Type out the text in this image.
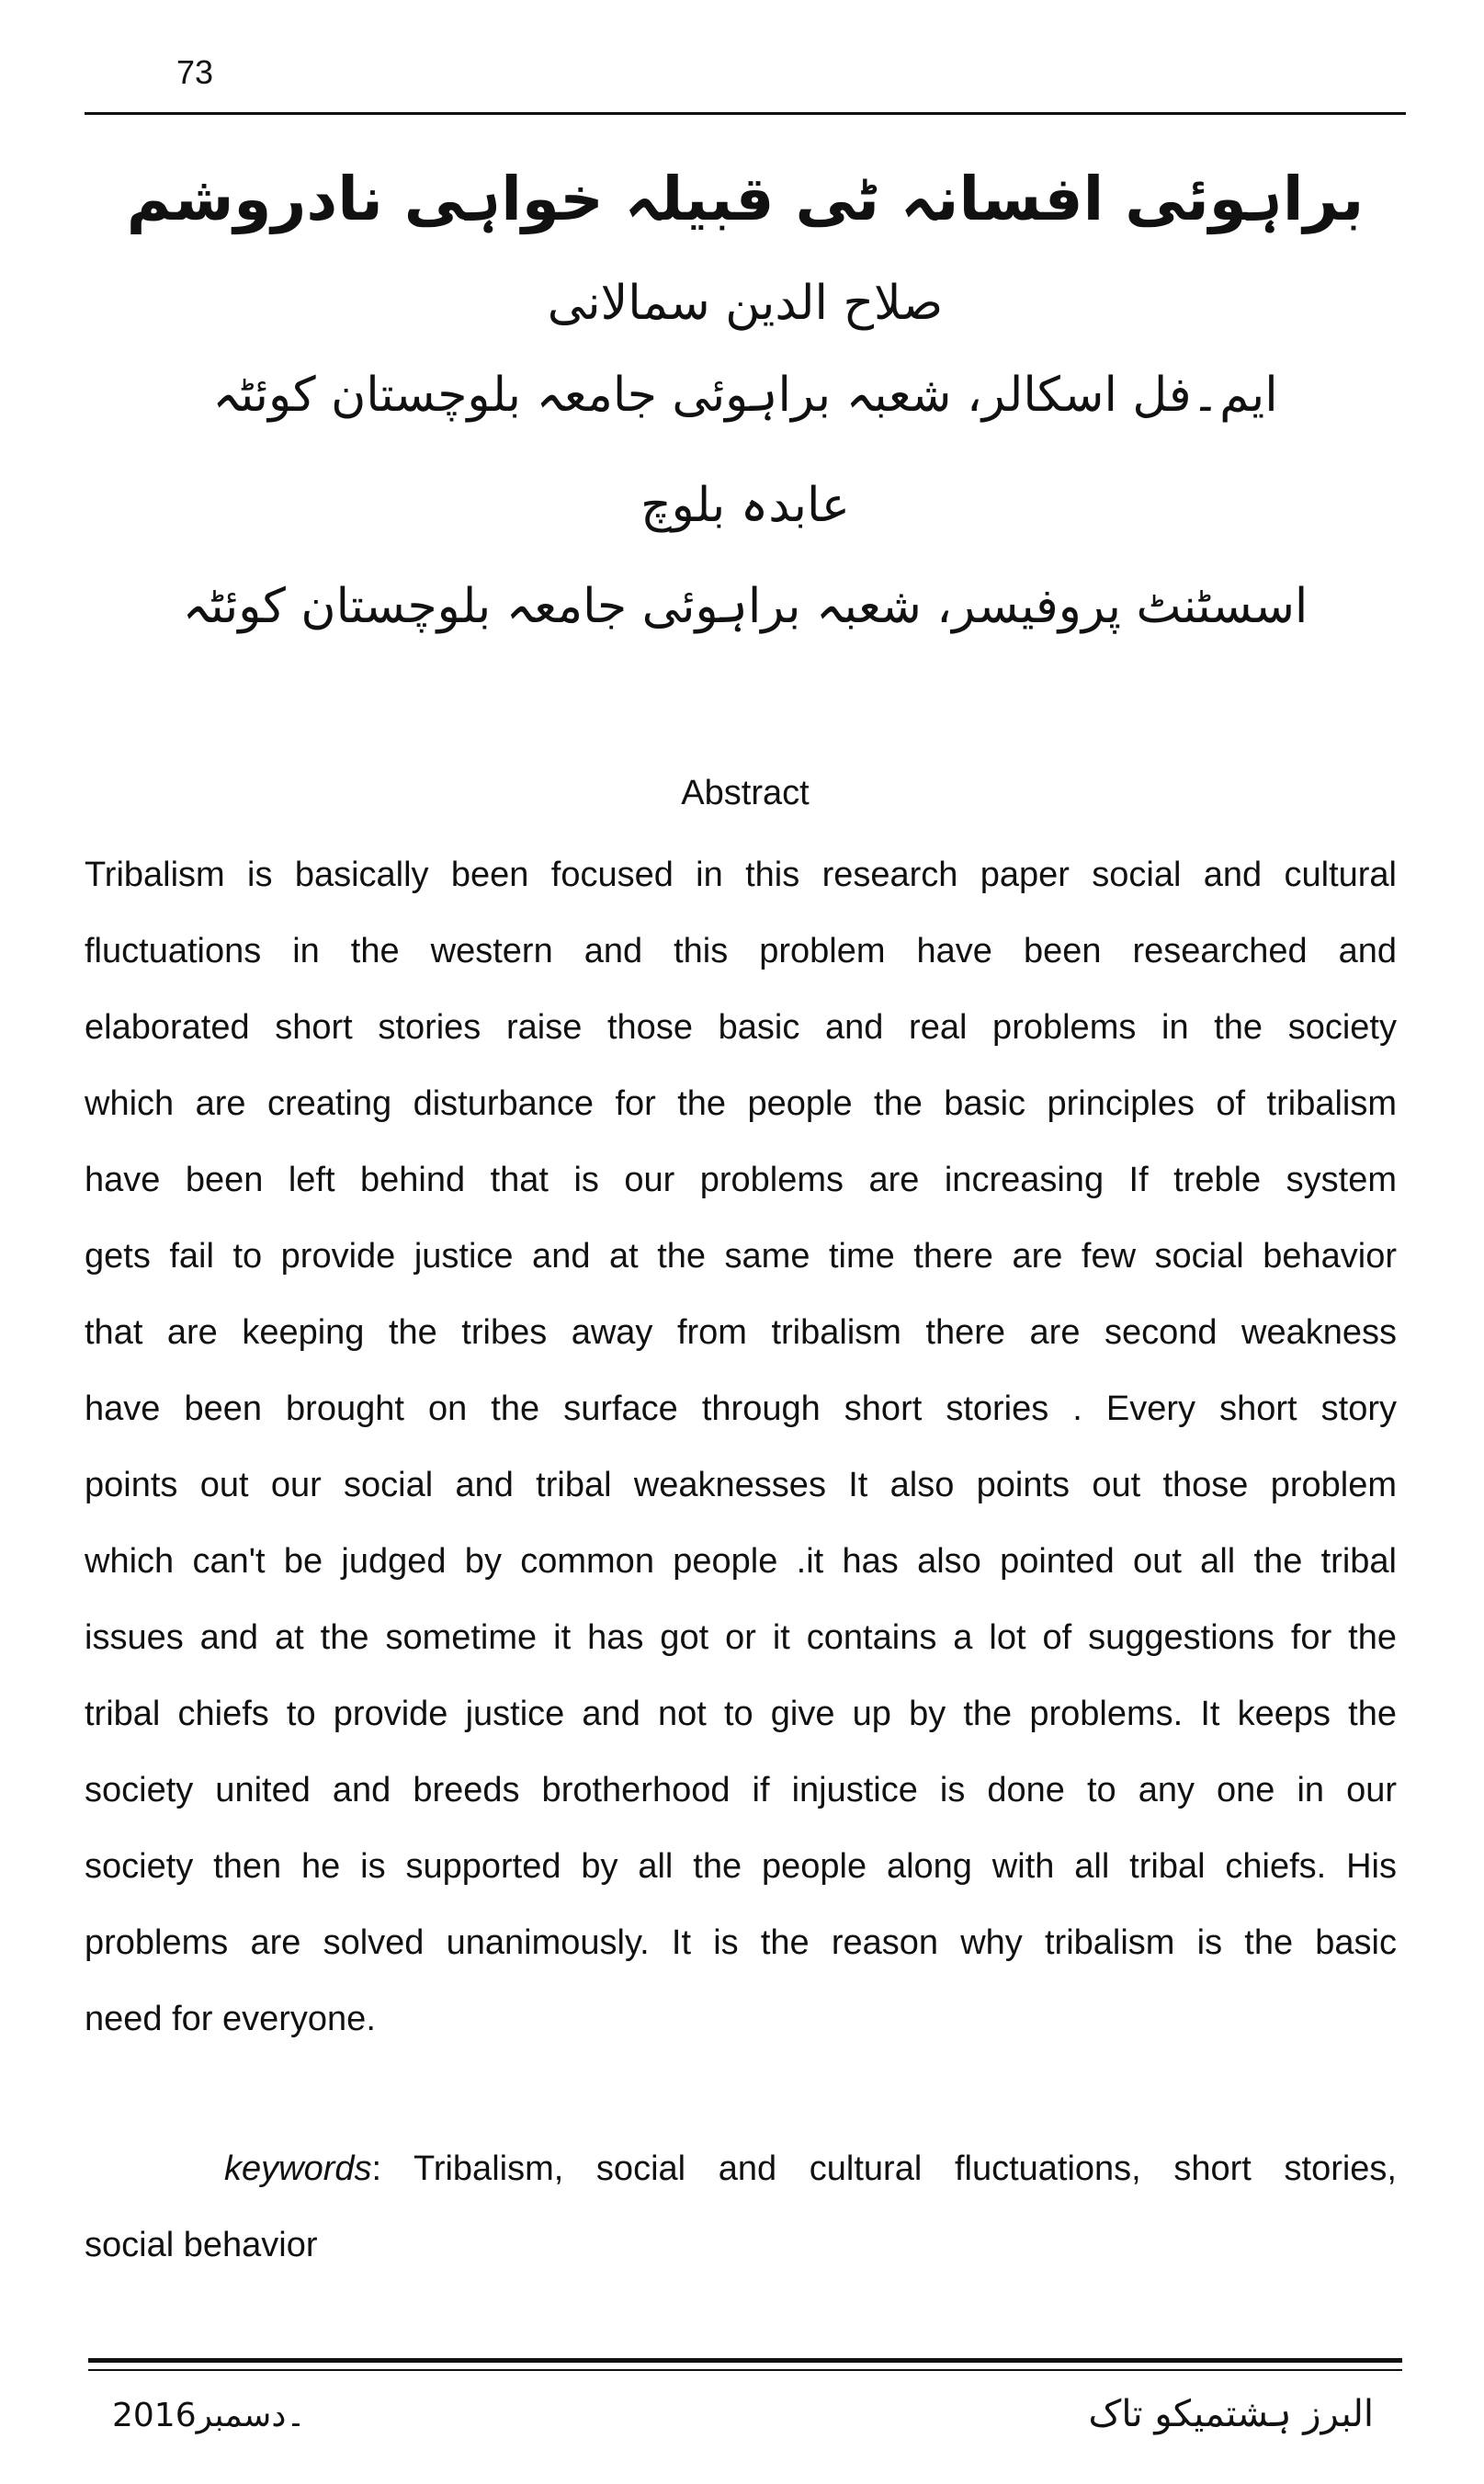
73
براہوئی افسانہ ٹی قبیلہ خواہی نادروشم
صلاح الدین سمالانی
ایم۔فل اسکالر، شعبہ براہوئی جامعہ بلوچستان کوئٹہ
عابدہ بلوچ
اسسٹنٹ پروفیسر، شعبہ براہوئی جامعہ بلوچستان کوئٹہ
Abstract
Tribalism is basically been focused in this research paper social and cultural
fluctuations in the western and this problem have been researched and
elaborated short stories raise those basic and real problems in the society
which are creating disturbance for the people the basic principles of tribalism
have been left behind that is our problems are increasing If treble system
gets fail to provide justice and at the same time there are few social behavior
that are keeping the tribes away from tribalism there are second weakness
have been brought on the surface through short stories . Every short story
points out our social and tribal weaknesses It also points out those problem
which can't be judged by common people .it has also pointed out all the tribal
issues and at the sometime it has got or it contains a lot of suggestions for the
tribal chiefs to provide justice and not to give up by the problems. It keeps the
society united and breeds brotherhood if injustice is done to any one in our
society then he is supported by all the people along with all tribal chiefs. His
problems are solved unanimously. It is the reason why tribalism is the basic
need for everyone.
keywords: Tribalism, social and cultural fluctuations, short stories,
social behavior
2016۔دسمبر	البرز ہشتمیکو تاک
